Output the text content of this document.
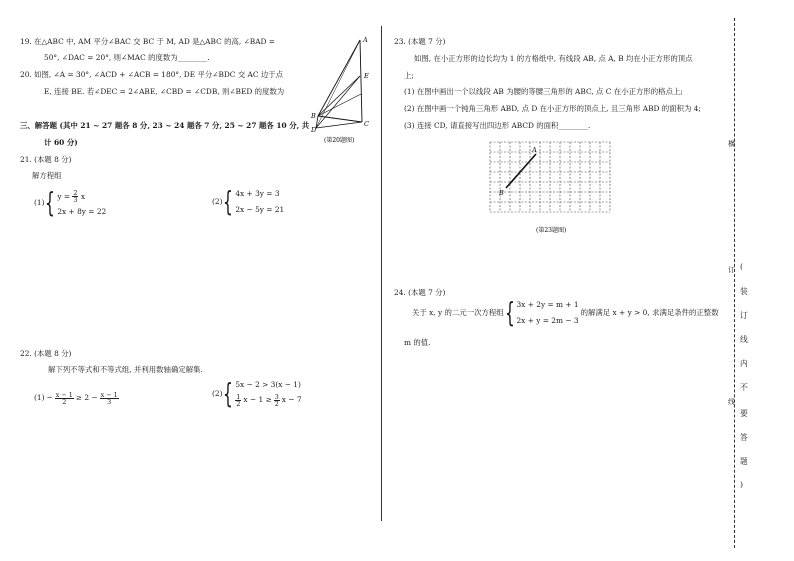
19. 在△ABC 中, AM 平分∠BAC 交 BC 于 M, AD 是△ABC 的高, ∠BAD =
50°, ∠DAC = 20°, 则∠MAC 的度数为________.
20. 如图, ∠A = 30°, ∠ACD + ∠ACB = 180°, DE 平分∠BDC 交 AC 边于点
E, 连接 BE. 若∠DEC = 2∠ABE, ∠CBD = ∠CDB, 则∠BED 的度数为
A
E
B
C
D
(第20题图)
三、解答题 (其中 21 ~ 27 题各 8 分, 23 ~ 24 题各 7 分, 25 ~ 27 题各 10 分, 共
计 60 分)
21. (本题 8 分)
解方程组
(1) { $y = \frac{2}{3}$ x
2x + 8y = 22
(2) { 4x + 3y = 3
2x − 5y = 21
22. (本题 8 分)
解下列不等式和不等式组, 并利用数轴确定解集.
$(1) - \frac{x - 1}{2} \ge 2 - \frac{x - 1}{3}$	(2) { 5x − 2 > 3(x − 1)
$\frac{1}{2}$ $x - 1 \ge \frac{3}{2}$ x − 7
23. (本题 7 分)
如图, 在小正方形的边长均为 1 的方格纸中, 有线段 AB, 点 A, B 均在小正方形的顶点
上;
(1) 在图中画出一个以线段 AB 为腰的等腰三角形的 ABC, 点 C 在小正方形的格点上;
(2) 在图中画一个钝角三角形 ABD, 点 D 在小正方形的顶点上, 且三角形 ABD 的面积为 4;
(3) 连接 CD, 请直接写出四边形 ABCD 的面积________.
A
B
(第23题图)
24. (本题 7 分)
关于 x, y 的二元一次方程组 { 3x + 2y = m + 1
2x + y = 2m − 3
的解满足 x + y > 0, 求满足条件的正整数
m 的值.
横
订
线
(
装
订
线
内
不
要
答
题
)
